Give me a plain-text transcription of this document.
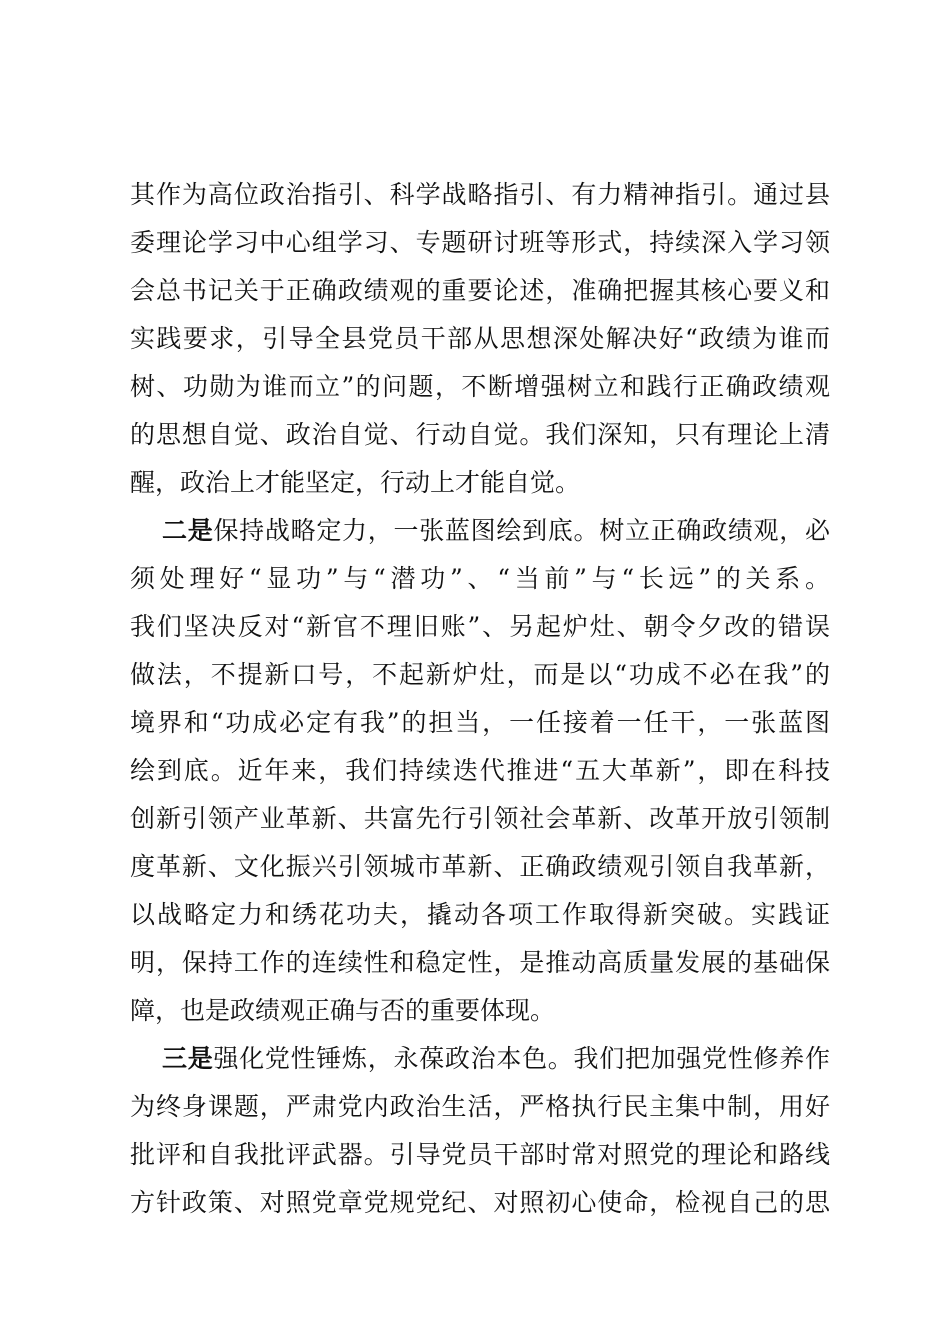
其作为高位政治指引、科学战略指引、有力精神指引。通过县
委理论学习中心组学习、专题研讨班等形式，持续深入学习领
会总书记关于正确政绩观的重要论述，准确把握其核心要义和
实践要求，引导全县党员干部从思想深处解决好“政绩为谁而
树、功勋为谁而立”的问题，不断增强树立和践行正确政绩观
的思想自觉、政治自觉、行动自觉。我们深知，只有理论上清
醒，政治上才能坚定，行动上才能自觉。
二是保持战略定力，一张蓝图绘到底。树立正确政绩观，必
须处理好“显功”与“潜功”、“当前”与“长远”的关系。
我们坚决反对“新官不理旧账”、另起炉灶、朝令夕改的错误
做法，不提新口号，不起新炉灶，而是以“功成不必在我”的
境界和“功成必定有我”的担当，一任接着一任干，一张蓝图
绘到底。近年来，我们持续迭代推进“五大革新”，即在科技
创新引领产业革新、共富先行引领社会革新、改革开放引领制
度革新、文化振兴引领城市革新、正确政绩观引领自我革新，
以战略定力和绣花功夫，撬动各项工作取得新突破。实践证
明，保持工作的连续性和稳定性，是推动高质量发展的基础保
障，也是政绩观正确与否的重要体现。
三是强化党性锤炼，永葆政治本色。我们把加强党性修养作
为终身课题，严肃党内政治生活，严格执行民主集中制，用好
批评和自我批评武器。引导党员干部时常对照党的理论和路线
方针政策、对照党章党规党纪、对照初心使命，检视自己的思
